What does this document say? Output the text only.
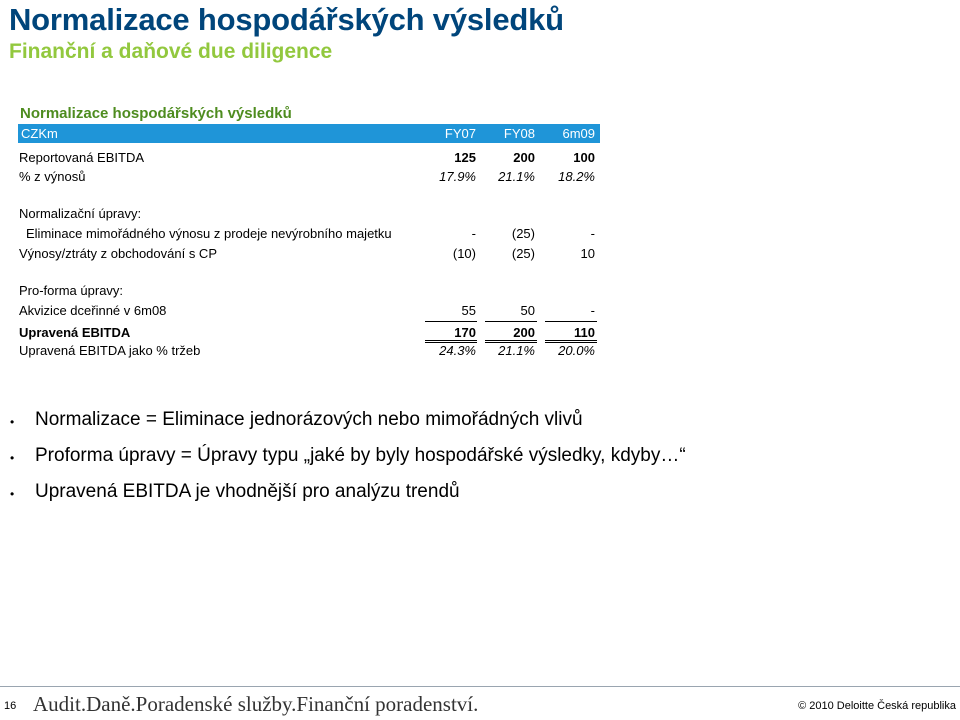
Normalizace hospodářských výsledků
Finanční a daňové due diligence
Normalizace hospodářských výsledků
CZKm	FY07	FY08	6m09
Reportovaná EBITDA	125	200	100
% z výnosů	17.9%	21.1%	18.2%
Normalizační úpravy:
Eliminace mimořádného výnosu z prodeje nevýrobního majetku	-	(25)	-
Výnosy/ztráty z obchodování s CP	(10)	(25)	10
Pro-forma úpravy:
Akvizice dceřinné v 6m08	55	50	-
Upravená EBITDA	170	200	110
Upravená EBITDA jako % tržeb	24.3%	21.1%	20.0%
• Normalizace = Eliminace jednorázových nebo mimořádných vlivů
• Proforma úpravy = Úpravy typu „jaké by byly hospodářské výsledky, kdyby…“
• Upravená EBITDA je vhodnější pro analýzu trendů
16 Audit.Daně.Poradenské služby.Finanční poradenství.	© 2010 Deloitte Česká republika
